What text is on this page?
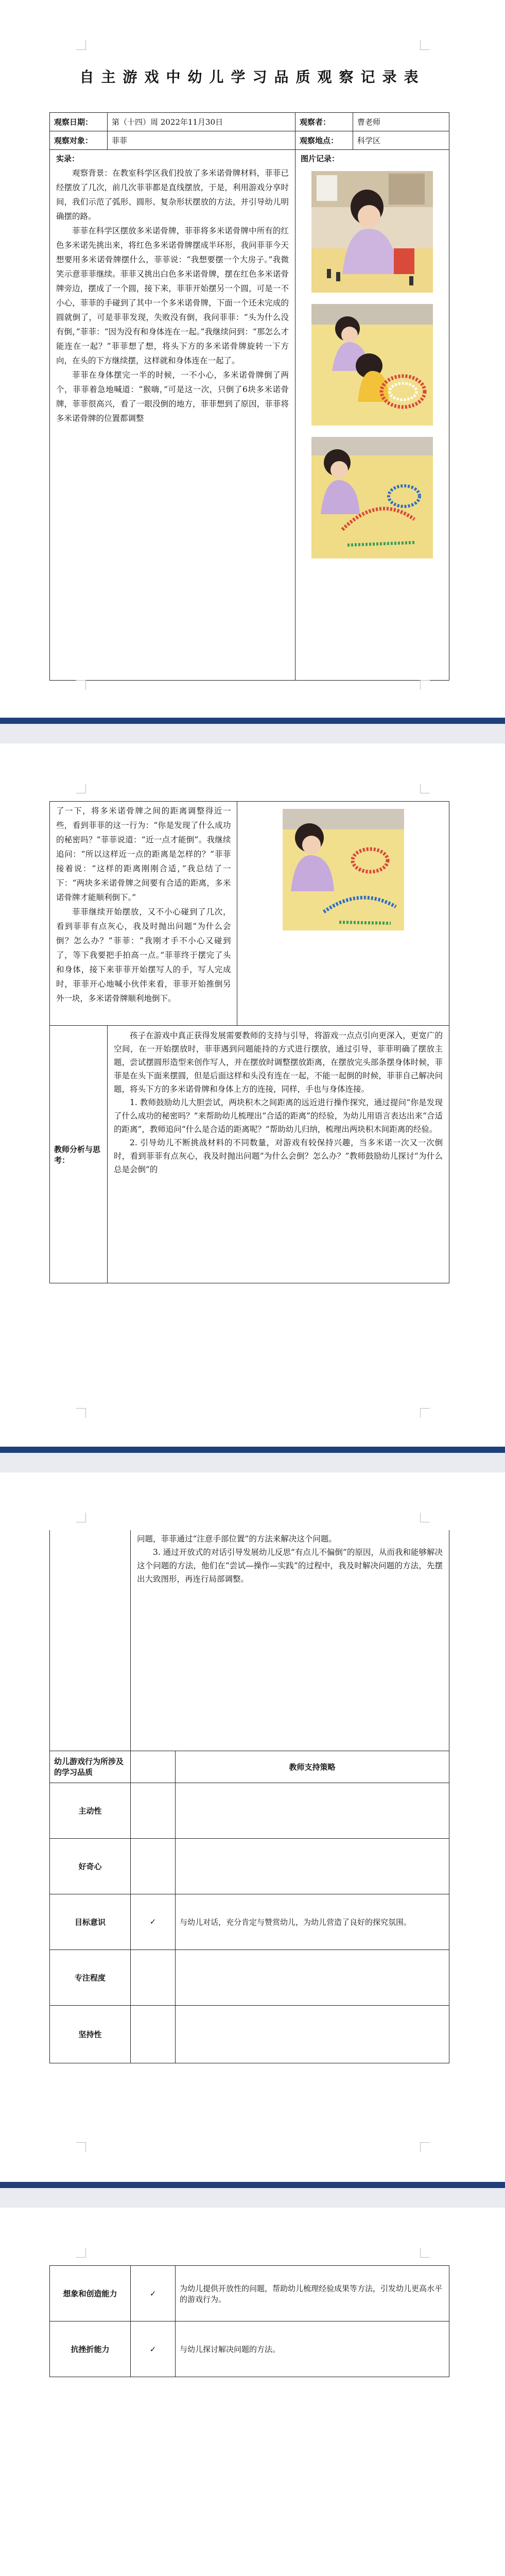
自主游戏中幼儿学习品质观察记录表
观察日期：	第（十四）周 2022年11月30日	观察者：	曹老师
观察对象：	菲菲	观察地点：	科学区

实录：

观察背景：在教室科学区我们投放了多米诺骨牌材料，菲菲已经摆放了几次，前几次菲菲都是直线摆放，于是，利用游戏分享时间，我们示范了弧形、圆形、复杂形状摆放的方法，并引导幼儿明确摆的路。

菲菲在科学区摆放多米诺骨牌，菲菲将多米诺骨牌中所有的红色多米诺先挑出来，将红色多米诺骨牌摆成半环形，我问菲菲今天想要用多米诺骨牌摆什么，菲菲说：“我想要摆一个大房子。”我微笑示意菲菲继续。菲菲又挑出白色多米诺骨牌，摆在红色多米诺骨牌旁边，摆成了一个圆，接下来，菲菲开始摆另一个圆，可是一不小心，菲菲的手碰到了其中一个多米诺骨牌，下面一个还未完成的圆就倒了，可是菲菲发现，失败没有倒，我问菲菲：“头为什么没有倒，”菲菲：“因为没有和身体连在一起。”我继续问到：“那怎么才能连在一起？”菲菲想了想，将头下方的多米诺骨牌旋转一下方向，在头的下方继续摆，这样就和身体连在一起了。

菲菲在身体摆完一半的时候，一不小心，多米诺骨牌倒了两个，菲菲着急地喊道：“猴嗨，”可是这一次，只倒了6块多米诺骨牌，菲菲很高兴，看了一眼没倒的地方，菲菲想到了原因，菲菲将多米诺骨牌的位置都调整		图片记录：	

了一下，将多米诺骨牌之间的距离调整得近一些，看到菲菲的这一行为：“你是发现了什么成功的秘密吗？”菲菲说道：“近一点才能倒”。我继续追问：“所以这样近一点的距离是怎样的？”菲菲接着说：“这样的距离刚刚合适，”我总结了一下：“两块多米诺骨牌之间要有合适的距离，多米诺骨牌才能顺利倒下。”

菲菲继续开始摆放，又不小心碰到了几次，看到菲菲有点灰心，我及时抛出问题“为什么会倒？怎么办？”菲菲：“我刚才手不小心又碰到了，等下我要把手拍高一点。”菲菲终于摆完了头和身体，接下来菲菲开始摆写人的手，写人完成时，菲菲开心地喊小伙伴来看，菲菲开始推倒另外一块，多米诺骨牌顺利地倒下。

教师分析与思考：	孩子在游戏中真正获得发展需要教师的支持与引导，将游戏一点点引向更深入，更宽广的空间，在一开始摆放时，菲菲遇到问题能持的方式进行摆放，通过引导，菲菲明确了摆放主题，尝试摆圆形造型来创作写人，并在摆放时调整摆放距离，在摆放完头部条摆身体时候，菲菲是在头下面来摆圆，但是后面这样和头没有连在一起，不能一起倒的时候，菲菲自己解决问题，将头下方的多米诺骨牌和身体上方的连接，同样，手也与身体连接。

1. 教师鼓励幼儿大胆尝试，两块积木之间距离的远近进行操作探究，通过提问“你是发现了什么成功的秘密吗？”来帮助幼儿梳理出“合适的距离”的经验，为幼儿用语言表达出来“合适的距离”，教师追问“什么是合适的距离呢？”帮助幼儿归纳，梳理出两块积木间距离的经验。

2. 引导幼儿不断挑战材料的不同数量，对游戏有较保持兴趣，当多米诺一次又一次倒时，看到菲菲有点灰心，我及时抛出问题“为什么会倒？怎么办？”教师鼓励幼儿探讨“为什么总是会倒”的	

	问题，菲菲通过“注意手部位置”的方法来解决这个问题。

3. 通过开放式的对话引导发展幼儿反思“有点儿不偏倒”的原因，从而我和能够解决这个问题的方法，他们在“尝试—操作—实践”的过程中，我及时解决问题的方法，先摆出大致图形，再连行局部调整。	

幼儿游戏行为所涉及的学习品质		教师支持策略
主动性		
好奇心		
目标意识	✓	与幼儿对话，充分肯定与赞赏幼儿，为幼儿营造了良好的探究氛围。
专注程度		
坚持性		
想象和创造能力	✓	为幼儿提供开放性的问题，帮助幼儿梳理经验成果等方法，引发幼儿更高水平的游戏行为。
抗挫折能力	✓	与幼儿探讨解决问题的方法。
